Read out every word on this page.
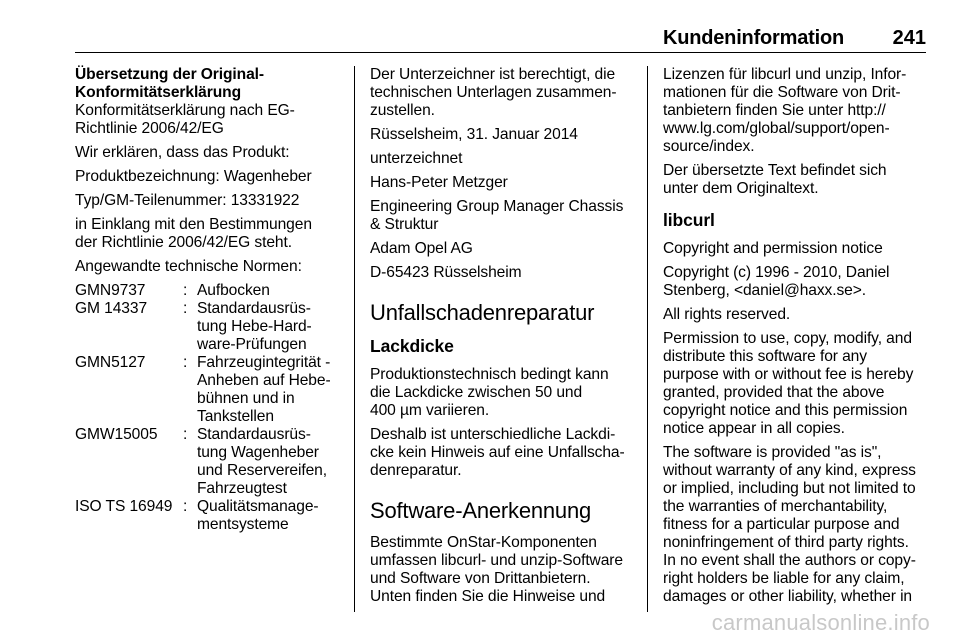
Kundeninformation 241
Übersetzung der Original-
Konformitätserklärung

Konformitätserklärung nach EG-
Richtlinie 2006/42/EG

Wir erklären, dass das Produkt:

Produktbezeichnung: Wagenheber

Typ/GM-Teilenummer: 13331922

in Einklang mit den Bestimmungen
der Richtlinie 2006/42/EG steht.

Angewandte technische Normen:

GMN9737	:	Aufbocken

GM 14337	:	Standardausrüs-
tung Hebe-Hard-
ware-Prüfungen

GMN5127	:	Fahrzeugintegrität -
Anheben auf Hebe-
bühnen und in
Tankstellen

GMW15005	:	Standardausrüs-
tung Wagenheber
und Reservereifen,
Fahrzeugtest

ISO TS 16949	:	Qualitätsmanage-
mentsysteme

Der Unterzeichner ist berechtigt, die
technischen Unterlagen zusammen-
zustellen.

Rüsselsheim, 31. Januar 2014

unterzeichnet

Hans-Peter Metzger

Engineering Group Manager Chassis
& Struktur

Adam Opel AG

D-65423 Rüsselsheim

Unfallschadenreparatur
Lackdicke

Produktionstechnisch bedingt kann
die Lackdicke zwischen 50 und
400 µm variieren.

Deshalb ist unterschiedliche Lackdi-
cke kein Hinweis auf eine Unfallscha-
denreparatur.

Software-Anerkennung

Bestimmte OnStar-Komponenten
umfassen libcurl- und unzip-Software
und Software von Drittanbietern.
Unten finden Sie die Hinweise und

Lizenzen für libcurl und unzip, Infor-
mationen für die Software von Drit-
tanbietern finden Sie unter http://
www.lg.com/global/support/open-
source/index.

Der übersetzte Text befindet sich
unter dem Originaltext.

libcurl

Copyright and permission notice

Copyright (c) 1996 - 2010, Daniel
Stenberg, <daniel@haxx.se>.

All rights reserved.

Permission to use, copy, modify, and
distribute this software for any
purpose with or without fee is hereby
granted, provided that the above
copyright notice and this permission
notice appear in all copies.

The software is provided "as is",
without warranty of any kind, express
or implied, including but not limited to
the warranties of merchantability,
fitness for a particular purpose and
noninfringement of third party rights.
In no event shall the authors or copy-
right holders be liable for any claim,
damages or other liability, whether in

carmanualsonline.info
